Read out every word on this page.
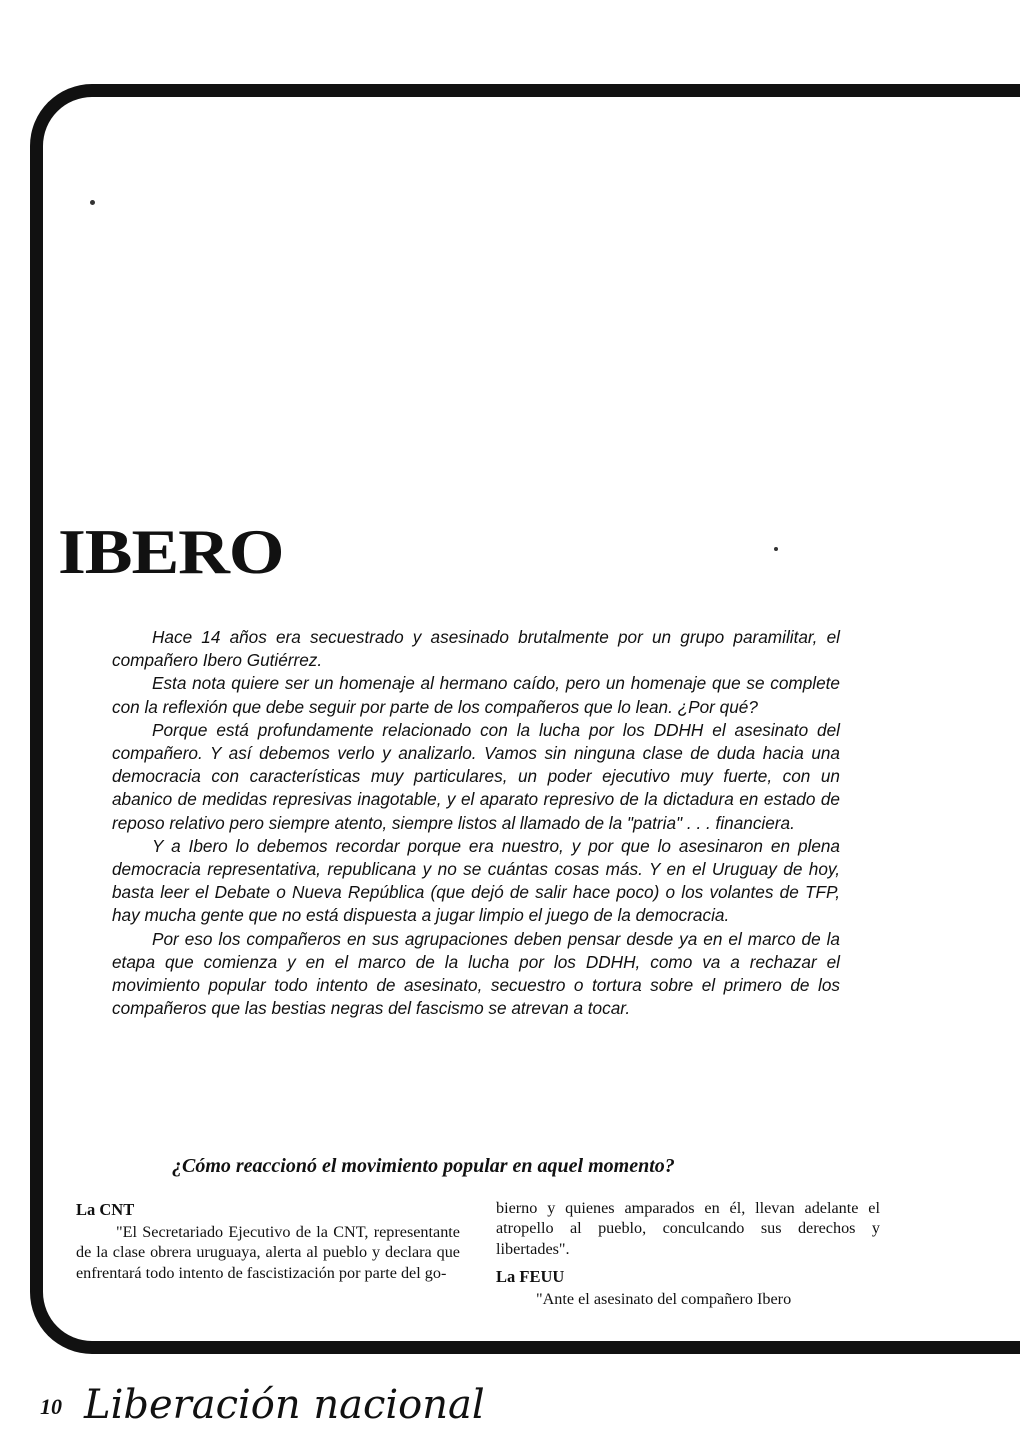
IBERO

Hace 14 años era secuestrado y asesinado brutalmente por un grupo paramilitar, el compañero Ibero Gutiérrez.

Esta nota quiere ser un homenaje al hermano caído, pero un homenaje que se complete con la reflexión que debe seguir por parte de los compañeros que lo lean. ¿Por qué?

Porque está profundamente relacionado con la lucha por los DDHH el asesinato del compañero. Y así debemos verlo y analizarlo. Vamos sin ninguna clase de duda hacia una democracia con características muy particulares, un poder ejecutivo muy fuerte, con un abanico de medidas represivas inagotable, y el aparato represivo de la dictadura en estado de reposo relativo pero siempre atento, siempre listos al llamado de la "patria" . . . financiera.

Y a Ibero lo debemos recordar porque era nuestro, y por que lo asesinaron en plena democracia representativa, republicana y no se cuántas cosas más. Y en el Uruguay de hoy, basta leer el Debate o Nueva República (que dejó de salir hace poco) o los volantes de TFP, hay mucha gente que no está dispuesta a jugar limpio el juego de la democracia.

Por eso los compañeros en sus agrupaciones deben pensar desde ya en el marco de la etapa que comienza y en el marco de la lucha por los DDHH, como va a rechazar el movimiento popular todo intento de asesinato, secuestro o tortura sobre el primero de los compañeros que las bestias negras del fascismo se atrevan a tocar.

¿Cómo reaccionó el movimiento popular en aquel momento?
La CNT

"El Secretariado Ejecutivo de la CNT, representante de la clase obrera uruguaya, alerta al pueblo y declara que enfrentará todo intento de fascistización por parte del go-

bierno y quienes amparados en él, llevan adelante el atropello al pueblo, conculcando sus derechos y libertades".

La FEUU

"Ante el asesinato del compañero Ibero

10 Liberación nacional
